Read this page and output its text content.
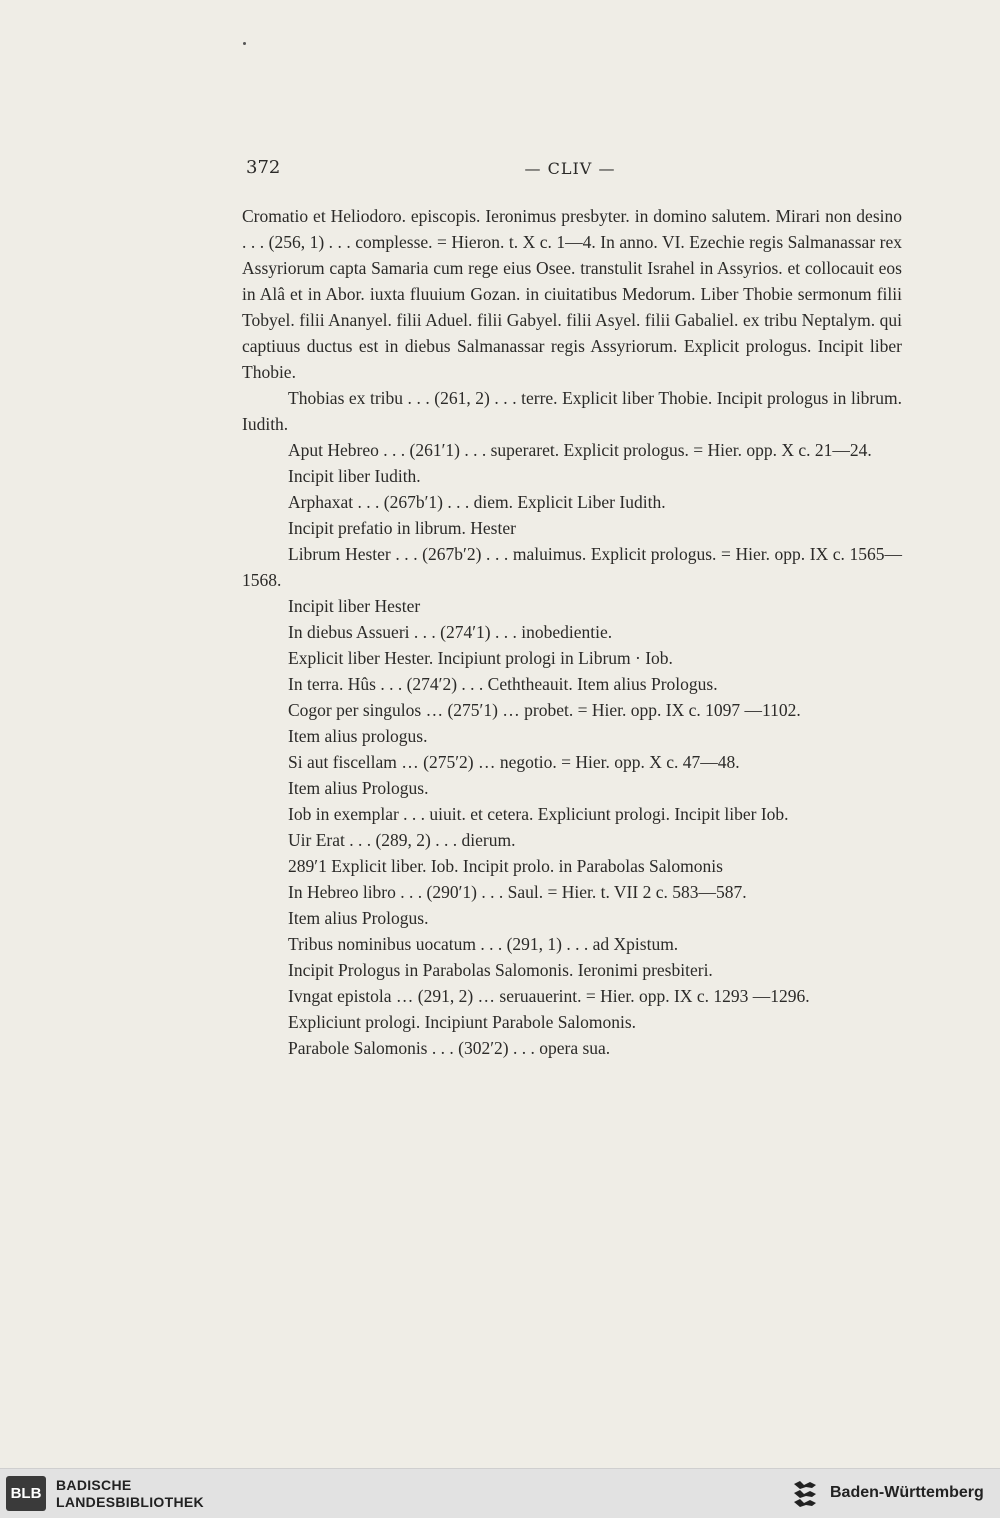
372	— CLIV —

Cromatio et Heliodoro. episcopis. Ieronimus presbyter. in domino salutem. Mirari non desino . . . (256, 1) . . . complesse. = Hieron. t. X c. 1—4. In anno. VI. Ezechie regis Salmanassar rex Assyriorum capta Samaria cum rege eius Osee. transtulit Israhel in Assyrios. et collocauit eos in Alâ et in Abor. iuxta fluuium Gozan. in ciuitatibus Medorum. Liber Thobie sermonum filii Tobyel. filii Ananyel. filii Aduel. filii Gabyel. filii Asyel. filii Gabaliel. ex tribu Neptalym. qui captiuus ductus est in diebus Salmanassar regis Assyriorum. Explicit prologus. Incipit liber Thobie.

Thobias ex tribu . . . (261, 2) . . . terre. Explicit liber Thobie. Incipit prologus in librum. Iudith.

Aput Hebreo . . . (261′1) . . . superaret. Explicit prologus. = Hier. opp. X c. 21—24.

Incipit liber Iudith.

Arphaxat . . . (267b′1) . . . diem. Explicit Liber Iudith.

Incipit prefatio in librum. Hester

Librum Hester . . . (267b′2) . . . maluimus. Explicit prologus. = Hier. opp. IX c. 1565—1568.

Incipit liber Hester

In diebus Assueri . . . (274′1) . . . inobedientie.

Explicit liber Hester. Incipiunt prologi in Librum · Iob.

In terra. Hûs . . . (274′2) . . . Ceththeauit. Item alius Prologus.

Cogor per singulos … (275′1) … probet. = Hier. opp. IX c. 1097 —1102.

Item alius prologus.

Si aut fiscellam … (275′2) … negotio. = Hier. opp. X c. 47—48.

Item alius Prologus.

Iob in exemplar . . . uiuit. et cetera. Expliciunt prologi. Incipit liber Iob.

Uir Erat . . . (289, 2) . . . dierum.

289′1 Explicit liber. Iob. Incipit prolo. in Parabolas Salomonis

In Hebreo libro . . . (290′1) . . . Saul. = Hier. t. VII 2 c. 583—587.

Item alius Prologus.

Tribus nominibus uocatum . . . (291, 1) . . . ad Xpistum.

Incipit Prologus in Parabolas Salomonis. Ieronimi presbiteri.

Ivngat epistola … (291, 2) … seruauerint. = Hier. opp. IX c. 1293 —1296.

Expliciunt prologi. Incipiunt Parabole Salomonis.

Parabole Salomonis . . . (302′2) . . . opera sua.

BLB	BADISCHE
LANDESBIBLIOTHEK
Baden-Württemberg
